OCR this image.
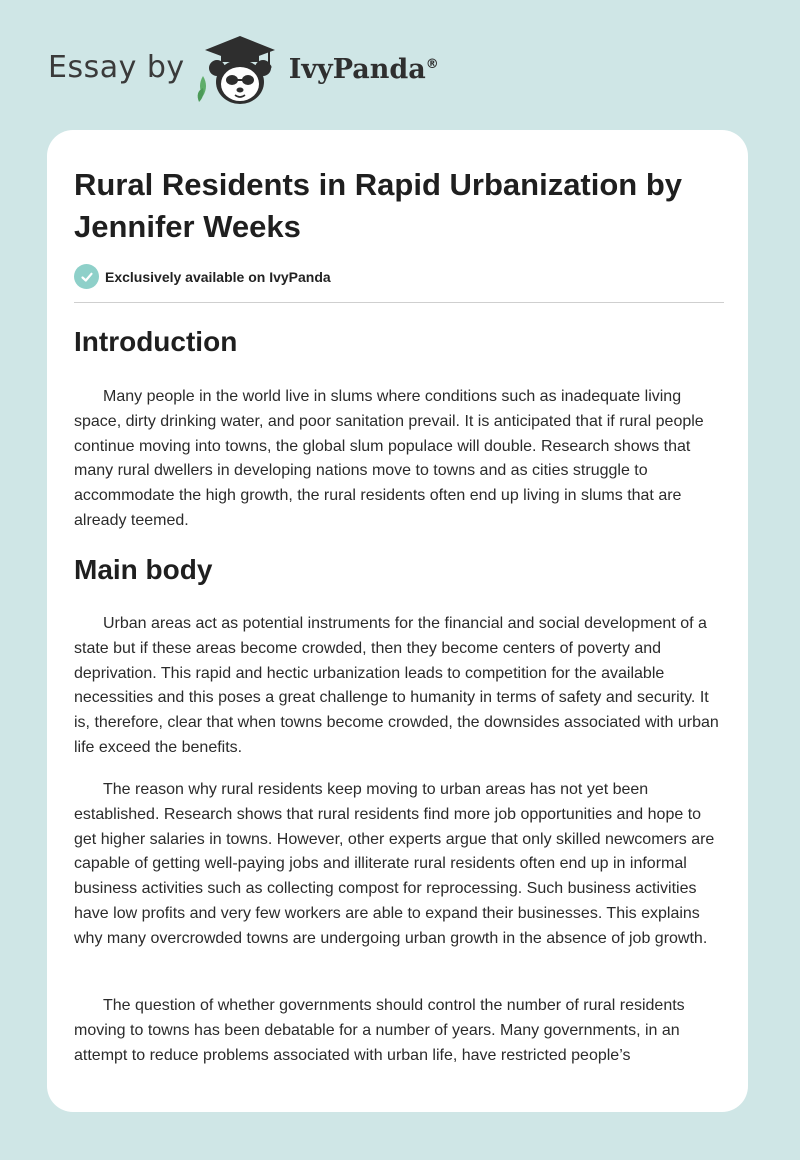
Essay by	IvyPanda®
Rural Residents in Rapid Urbanization by Jennifer Weeks
Exclusively available on IvyPanda
Introduction

Many people in the world live in slums where conditions such as inadequate living space, dirty drinking water, and poor sanitation prevail. It is anticipated that if rural people continue moving into towns, the global slum populace will double. Research shows that many rural dwellers in developing nations move to towns and as cities struggle to accommodate the high growth, the rural residents often end up living in slums that are already teemed.

Main body

Urban areas act as potential instruments for the financial and social development of a state but if these areas become crowded, then they become centers of poverty and deprivation. This rapid and hectic urbanization leads to competition for the available necessities and this poses a great challenge to humanity in terms of safety and security. It is, therefore, clear that when towns become crowded, the downsides associated with urban life exceed the benefits.

The reason why rural residents keep moving to urban areas has not yet been established. Research shows that rural residents find more job opportunities and hope to get higher salaries in towns. However, other experts argue that only skilled newcomers are capable of getting well-paying jobs and illiterate rural residents often end up in informal business activities such as collecting compost for reprocessing. Such business activities have low profits and very few workers are able to expand their businesses. This explains why many overcrowded towns are undergoing urban growth in the absence of job growth.

The question of whether governments should control the number of rural residents moving to towns has been debatable for a number of years. Many governments, in an attempt to reduce problems associated with urban life, have restricted people’s
